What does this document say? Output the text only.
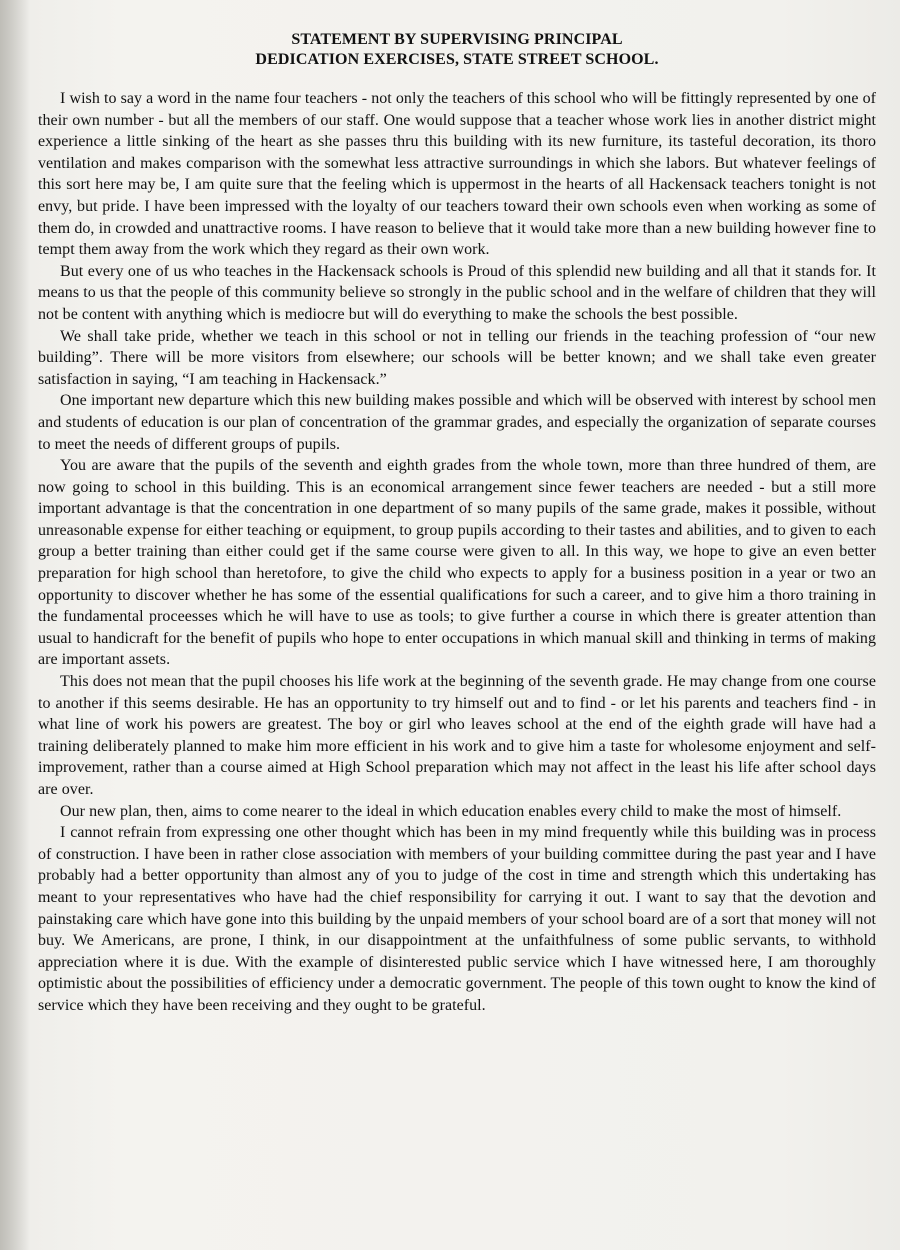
STATEMENT BY SUPERVISING PRINCIPAL
DEDICATION EXERCISES, STATE STREET SCHOOL.

I wish to say a word in the name four teachers - not only the teachers of this school who will be fittingly represented by one of their own number - but all the members of our staff. One would suppose that a teacher whose work lies in another district might experience a little sinking of the heart as she passes thru this building with its new furniture, its tasteful decoration, its thoro ventilation and makes comparison with the somewhat less attractive surroundings in which she labors. But whatever feelings of this sort here may be, I am quite sure that the feeling which is uppermost in the hearts of all Hackensack teachers tonight is not envy, but pride. I have been impressed with the loyalty of our teachers toward their own schools even when working as some of them do, in crowded and unattractive rooms. I have reason to believe that it would take more than a new building however fine to tempt them away from the work which they regard as their own work.

But every one of us who teaches in the Hackensack schools is Proud of this splendid new building and all that it stands for. It means to us that the people of this community believe so strongly in the public school and in the welfare of children that they will not be content with anything which is mediocre but will do everything to make the schools the best possible.

We shall take pride, whether we teach in this school or not in telling our friends in the teaching profession of “our new building”. There will be more visitors from elsewhere; our schools will be better known; and we shall take even greater satisfaction in saying, “I am teaching in Hackensack.”

One important new departure which this new building makes possible and which will be observed with interest by school men and students of education is our plan of concentration of the grammar grades, and especially the organization of separate courses to meet the needs of different groups of pupils.

You are aware that the pupils of the seventh and eighth grades from the whole town, more than three hundred of them, are now going to school in this building. This is an economical arrangement since fewer teachers are needed - but a still more important advantage is that the concentration in one department of so many pupils of the same grade, makes it possible, without unreasonable expense for either teaching or equipment, to group pupils according to their tastes and abilities, and to given to each group a better training than either could get if the same course were given to all. In this way, we hope to give an even better preparation for high school than heretofore, to give the child who expects to apply for a business position in a year or two an opportunity to discover whether he has some of the essential qualifications for such a career, and to give him a thoro training in the fundamental proceesses which he will have to use as tools; to give further a course in which there is greater attention than usual to handicraft for the benefit of pupils who hope to enter occupations in which manual skill and thinking in terms of making are important assets.

This does not mean that the pupil chooses his life work at the beginning of the seventh grade. He may change from one course to another if this seems desirable. He has an opportunity to try himself out and to find - or let his parents and teachers find - in what line of work his powers are greatest. The boy or girl who leaves school at the end of the eighth grade will have had a training deliberately planned to make him more efficient in his work and to give him a taste for wholesome enjoyment and self-improvement, rather than a course aimed at High School preparation which may not affect in the least his life after school days are over.

Our new plan, then, aims to come nearer to the ideal in which education enables every child to make the most of himself.

I cannot refrain from expressing one other thought which has been in my mind frequently while this building was in process of construction. I have been in rather close association with members of your building committee during the past year and I have probably had a better opportunity than almost any of you to judge of the cost in time and strength which this undertaking has meant to your representatives who have had the chief responsibility for carrying it out. I want to say that the devotion and painstaking care which have gone into this building by the unpaid members of your school board are of a sort that money will not buy. We Americans, are prone, I think, in our disappointment at the unfaithfulness of some public servants, to withhold appreciation where it is due. With the example of disinterested public service which I have witnessed here, I am thoroughly optimistic about the possibilities of efficiency under a democratic government. The people of this town ought to know the kind of service which they have been receiving and they ought to be grateful.
